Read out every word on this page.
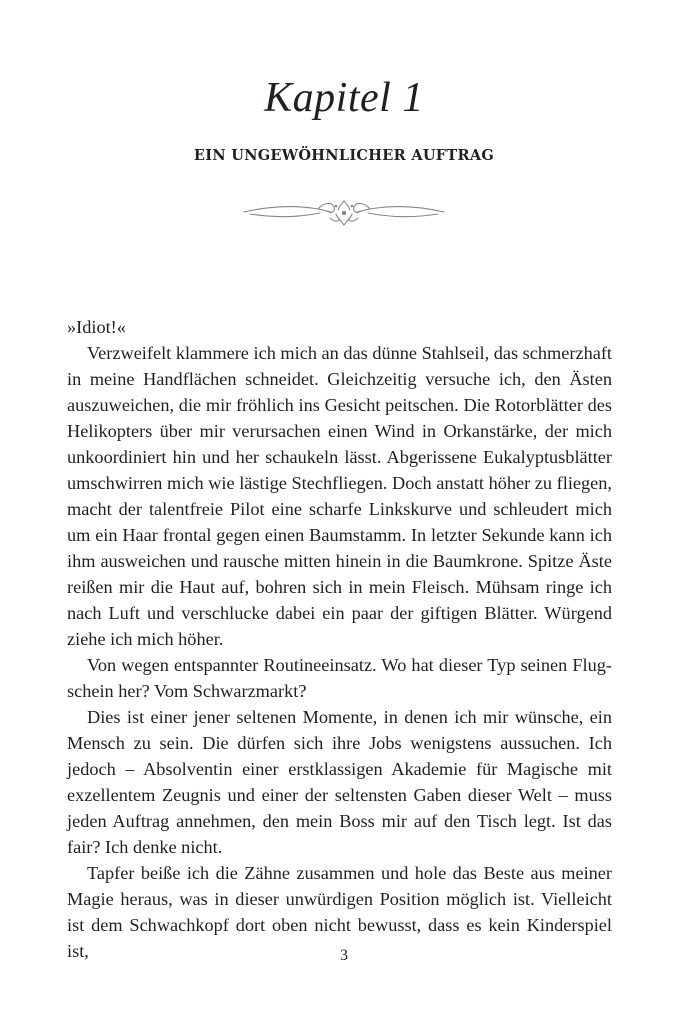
Kapitel 1
EIN UNGEWÖHNLICHER AUFTRAG

»Idiot!«

Verzweifelt klammere ich mich an das dünne Stahlseil, das schmerzhaft in meine Handflächen schneidet. Gleichzeitig versuche ich, den Ästen auszuweichen, die mir fröhlich ins Gesicht peitschen. Die Rotorblätter des Helikopters über mir verursachen einen Wind in Orkanstärke, der mich unkoordiniert hin und her schaukeln lässt. Abgerissene Eukalyptusblätter umschwirren mich wie lästige Stechfliegen. Doch anstatt höher zu fliegen, macht der talentfreie Pilot eine scharfe Linkskurve und schleudert mich um ein Haar frontal gegen einen Baumstamm. In letzter Sekunde kann ich ihm ausweichen und rausche mitten hinein in die Baumkrone. Spitze Äste reißen mir die Haut auf, bohren sich in mein Fleisch. Mühsam ringe ich nach Luft und verschlucke dabei ein paar der giftigen Blätter. Würgend ziehe ich mich höher.

Von wegen entspannter Routineeinsatz. Wo hat dieser Typ seinen Flugschein her? Vom Schwarzmarkt?

Dies ist einer jener seltenen Momente, in denen ich mir wünsche, ein Mensch zu sein. Die dürfen sich ihre Jobs wenigstens aussuchen. Ich jedoch – Absolventin einer erstklassigen Akademie für Magische mit exzellentem Zeugnis und einer der seltensten Gaben dieser Welt – muss jeden Auftrag annehmen, den mein Boss mir auf den Tisch legt. Ist das fair? Ich denke nicht.

Tapfer beiße ich die Zähne zusammen und hole das Beste aus meiner Magie heraus, was in dieser unwürdigen Position möglich ist. Vielleicht ist dem Schwachkopf dort oben nicht bewusst, dass es kein Kinderspiel ist,	3
